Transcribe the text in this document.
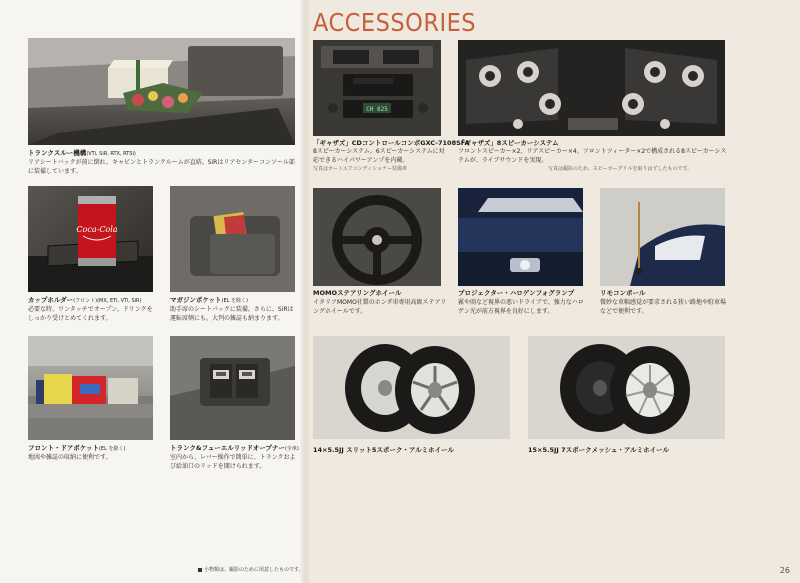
トランクスルー機構(VTi, SiR, RTX, RTSi)
リアシートバックが前に倒れ、キャビンとトランクルームが直結。SiRはリアセンターコンソール部に装備しています。
Coca-Cola
カップホルダー(フロント)(MX, ETi, VTi, SiR)
必要な時、ワンタッチでオープン。ドリンクをしっかり受けとめてくれます。
マガジンポケット(EL を除く)
助手席のシートバックに装備。さらに、SiRは運転席側にも。大判の雑誌も納まります。
フロント・ドアポケット(EL を除く)
地図や雑誌の収納に便利です。
トランク&フューエルリッドオープナー(全車)
室内から、レバー操作で簡単に、トランクおよび給油口のリッドを開けられます。
小物類は、撮影のために用意したものです。
ACCESSORIES
CH 825
「ギャザズ」CDコントロールコンポGXC-7108SFA
8スピーカーシステム。6スピーカーシステムに対応できるハイパワーアンプを内蔵。
写真はオートエアコンディショナー装備車
「ギャザズ」8スピーカーシステム
フロントスピーカー×2、リアスピーカー×4、フロントツィーター×2で構成される8スピーカーシステムが、ライブサウンドを実現。
写真は撮影のため、スピーカーグリルを取りはずしたものです。
MOMOステアリングホイール
イタリアMOMO社製のホンダ車専用高級ステアリングホイールです。
プロジェクター・ハロゲンフォグランプ
霧や雨など視界の悪いドライブで、強力なハロゲン光が前方視界を良好にします。
リモコンポール
微妙な車幅感覚が要求される狭い路地や駐車場などで便利です。
14×5.5JJ スリット5スポーク・アルミホイール	15×5.5JJ 7スポークメッシュ・アルミホイール
26
